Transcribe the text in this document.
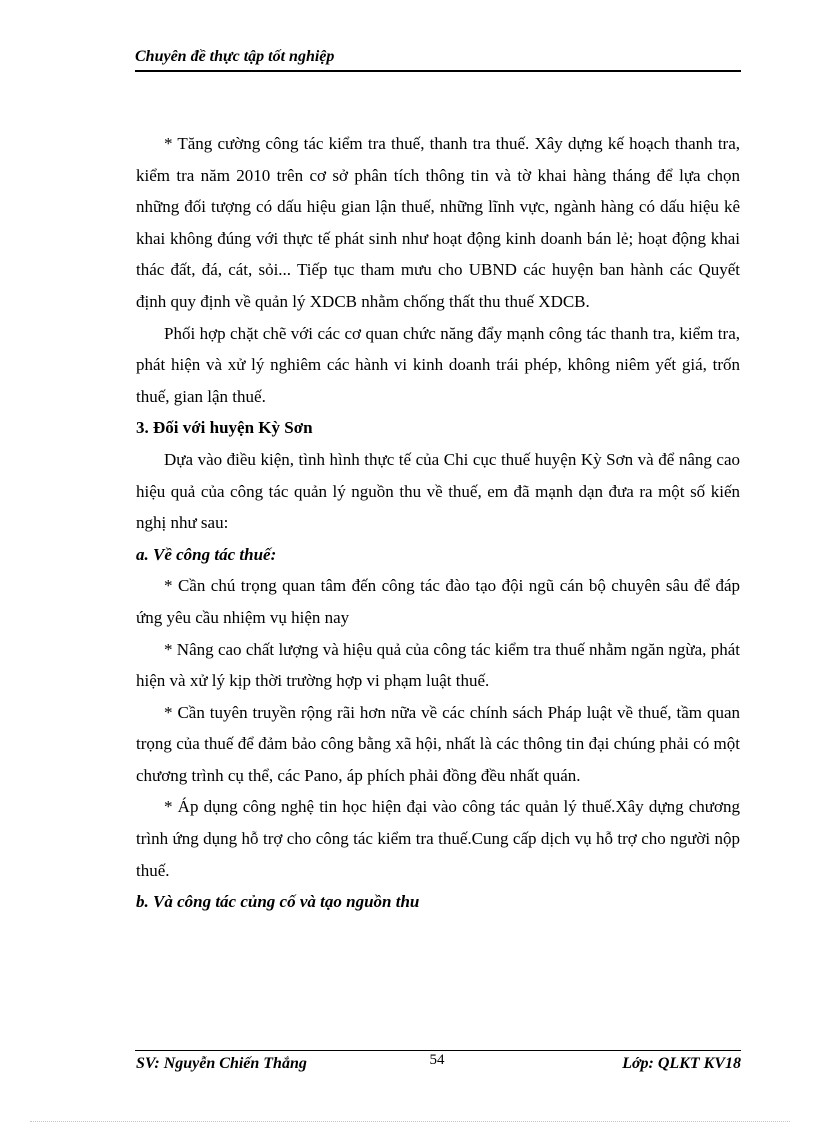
Chuyên đề thực tập tốt nghiệp

* Tăng cường công tác kiểm tra thuế, thanh tra thuế. Xây dựng kế hoạch thanh tra, kiểm tra năm 2010 trên cơ sở phân tích thông tin và tờ khai hàng tháng để lựa chọn những đối tượng có dấu hiệu gian lận thuế, những lĩnh vực, ngành hàng có dấu hiệu kê khai không đúng với thực tế phát sinh như hoạt động kinh doanh bán lẻ; hoạt động khai thác đất, đá, cát, sỏi... Tiếp tục tham mưu cho UBND các huyện ban hành các Quyết định quy định về quản lý XDCB nhằm chống thất thu thuế XDCB.

Phối hợp chặt chẽ với các cơ quan chức năng đẩy mạnh công tác thanh tra, kiểm tra, phát hiện và xử lý nghiêm các hành vi kinh doanh trái phép, không niêm yết giá, trốn thuế, gian lận thuế.

3. Đối với huyện Kỳ Sơn

Dựa vào điều kiện, tình hình thực tế của Chi cục thuế huyện Kỳ Sơn và để nâng cao hiệu quả của công tác quản lý nguồn thu về thuế, em đã mạnh dạn đưa ra một số kiến nghị như sau:

a. Về công tác thuế:

* Cần chú trọng quan tâm đến công tác đào tạo đội ngũ cán bộ chuyên sâu để đáp ứng yêu cầu nhiệm vụ hiện nay

* Nâng cao chất lượng và hiệu quả của công tác kiểm tra thuế nhằm ngăn ngừa, phát hiện và xử lý kịp thời trường hợp vi phạm luật thuế.

* Cần tuyên truyền rộng rãi hơn nữa về các chính sách Pháp luật về thuế, tầm quan trọng của thuế để đảm bảo công bằng xã hội, nhất là các thông tin đại chúng phải có một chương trình cụ thể, các Pano, áp phích phải đồng đều nhất quán.

* Áp dụng công nghệ tin học hiện đại vào công tác quản lý thuế.Xây dựng chương trình ứng dụng hỗ trợ cho công tác kiểm tra thuế.Cung cấp dịch vụ hỗ trợ cho người nộp thuế.

b. Và công tác củng cố và tạo nguồn thu

SV: Nguyễn Chiến Thắng	54	Lớp: QLKT KV18
